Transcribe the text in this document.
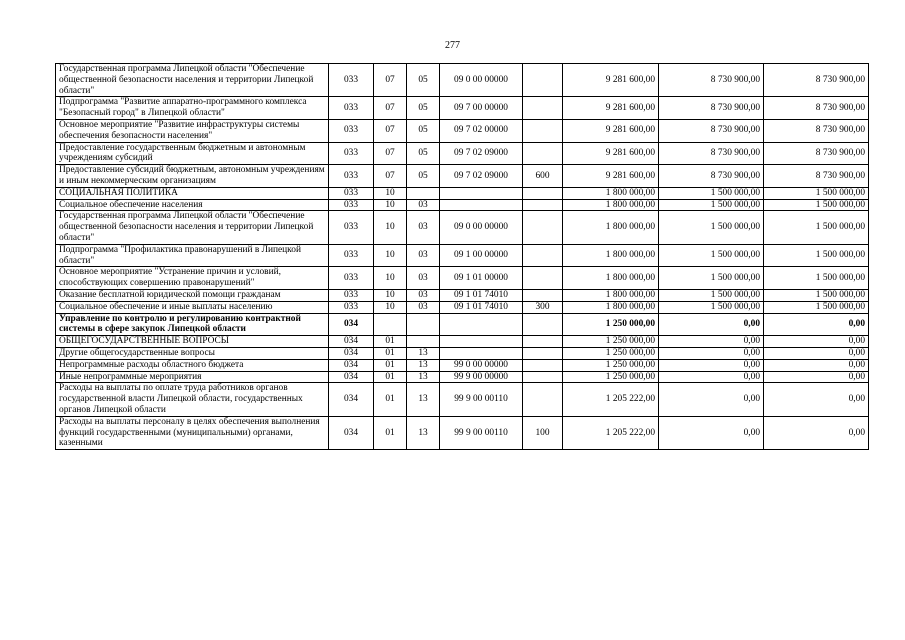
277
Государственная программа Липецкой области "Обеспечение общественной безопасности населения и территории Липецкой области"	033	07	05	09 0 00 00000		9 281 600,00	8 730 900,00	8 730 900,00
Подпрограмма "Развитие аппаратно-программного комплекса "Безопасный город" в Липецкой области"	033	07	05	09 7 00 00000		9 281 600,00	8 730 900,00	8 730 900,00
Основное мероприятие "Развитие инфраструктуры системы обеспечения безопасности населения"	033	07	05	09 7 02 00000		9 281 600,00	8 730 900,00	8 730 900,00
Предоставление государственным бюджетным и автономным учреждениям субсидий	033	07	05	09 7 02 09000		9 281 600,00	8 730 900,00	8 730 900,00
Предоставление субсидий бюджетным, автономным учреждениям и иным некоммерческим организациям	033	07	05	09 7 02 09000	600	9 281 600,00	8 730 900,00	8 730 900,00
СОЦИАЛЬНАЯ ПОЛИТИКА	033	10				1 800 000,00	1 500 000,00	1 500 000,00
Социальное обеспечение населения	033	10	03			1 800 000,00	1 500 000,00	1 500 000,00
Государственная программа Липецкой области "Обеспечение общественной безопасности населения и территории Липецкой области"	033	10	03	09 0 00 00000		1 800 000,00	1 500 000,00	1 500 000,00
Подпрограмма "Профилактика правонарушений в Липецкой области"	033	10	03	09 1 00 00000		1 800 000,00	1 500 000,00	1 500 000,00
Основное мероприятие "Устранение причин и условий, способствующих совершению правонарушений"	033	10	03	09 1 01 00000		1 800 000,00	1 500 000,00	1 500 000,00
Оказание бесплатной юридической помощи гражданам	033	10	03	09 1 01 74010		1 800 000,00	1 500 000,00	1 500 000,00
Социальное обеспечение и иные выплаты населению	033	10	03	09 1 01 74010	300	1 800 000,00	1 500 000,00	1 500 000,00
Управление по контролю и регулированию контрактной системы в сфере закупок Липецкой области	034					1 250 000,00	0,00	0,00
ОБЩЕГОСУДАРСТВЕННЫЕ ВОПРОСЫ	034	01				1 250 000,00	0,00	0,00
Другие общегосударственные вопросы	034	01	13			1 250 000,00	0,00	0,00
Непрограммные расходы областного бюджета	034	01	13	99 0 00 00000		1 250 000,00	0,00	0,00
Иные непрограммные мероприятия	034	01	13	99 9 00 00000		1 250 000,00	0,00	0,00
Расходы на выплаты по оплате труда работников органов государственной власти Липецкой области, государственных органов Липецкой области	034	01	13	99 9 00 00110		1 205 222,00	0,00	0,00
Расходы на выплаты персоналу в целях обеспечения выполнения функций государственными (муниципальными) органами, казенными	034	01	13	99 9 00 00110	100	1 205 222,00	0,00	0,00
